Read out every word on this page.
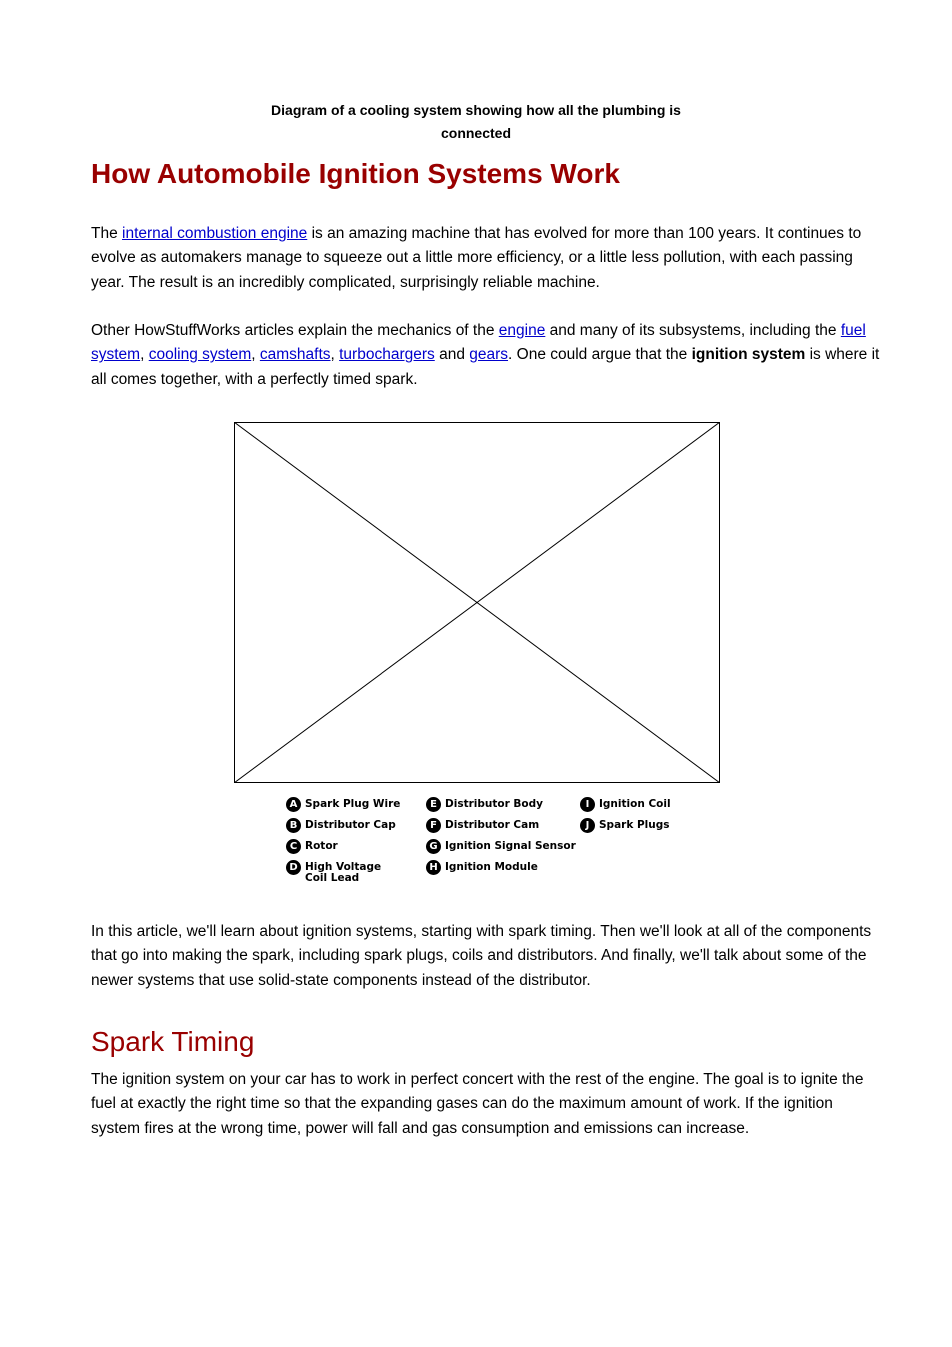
Diagram of a cooling system showing how all the plumbing is
connected
How Automobile Ignition Systems Work

The internal combustion engine is an amazing machine that has evolved for more than 100 years. It continues to evolve as automakers manage to squeeze out a little more efficiency, or a little less pollution, with each passing year. The result is an incredibly complicated, surprisingly reliable machine.

Other HowStuffWorks articles explain the mechanics of the engine and many of its subsystems, including the fuel system, cooling system, camshafts, turbochargers and gears. One could argue that the ignition system is where it all comes together, with a perfectly timed spark.

A Spark Plug Wire
B Distributor Cap
C Rotor
D High Voltage
Coil Lead
E Distributor Body
F Distributor Cam
G Ignition Signal Sensor
H Ignition Module
I Ignition Coil
J Spark Plugs

In this article, we'll learn about ignition systems, starting with spark timing. Then we'll look at all of the components that go into making the spark, including spark plugs, coils and distributors. And finally, we'll talk about some of the newer systems that use solid-state components instead of the distributor.

Spark Timing

The ignition system on your car has to work in perfect concert with the rest of the engine. The goal is to ignite the fuel at exactly the right time so that the expanding gases can do the maximum amount of work. If the ignition system fires at the wrong time, power will fall and gas consumption and emissions can increase.
